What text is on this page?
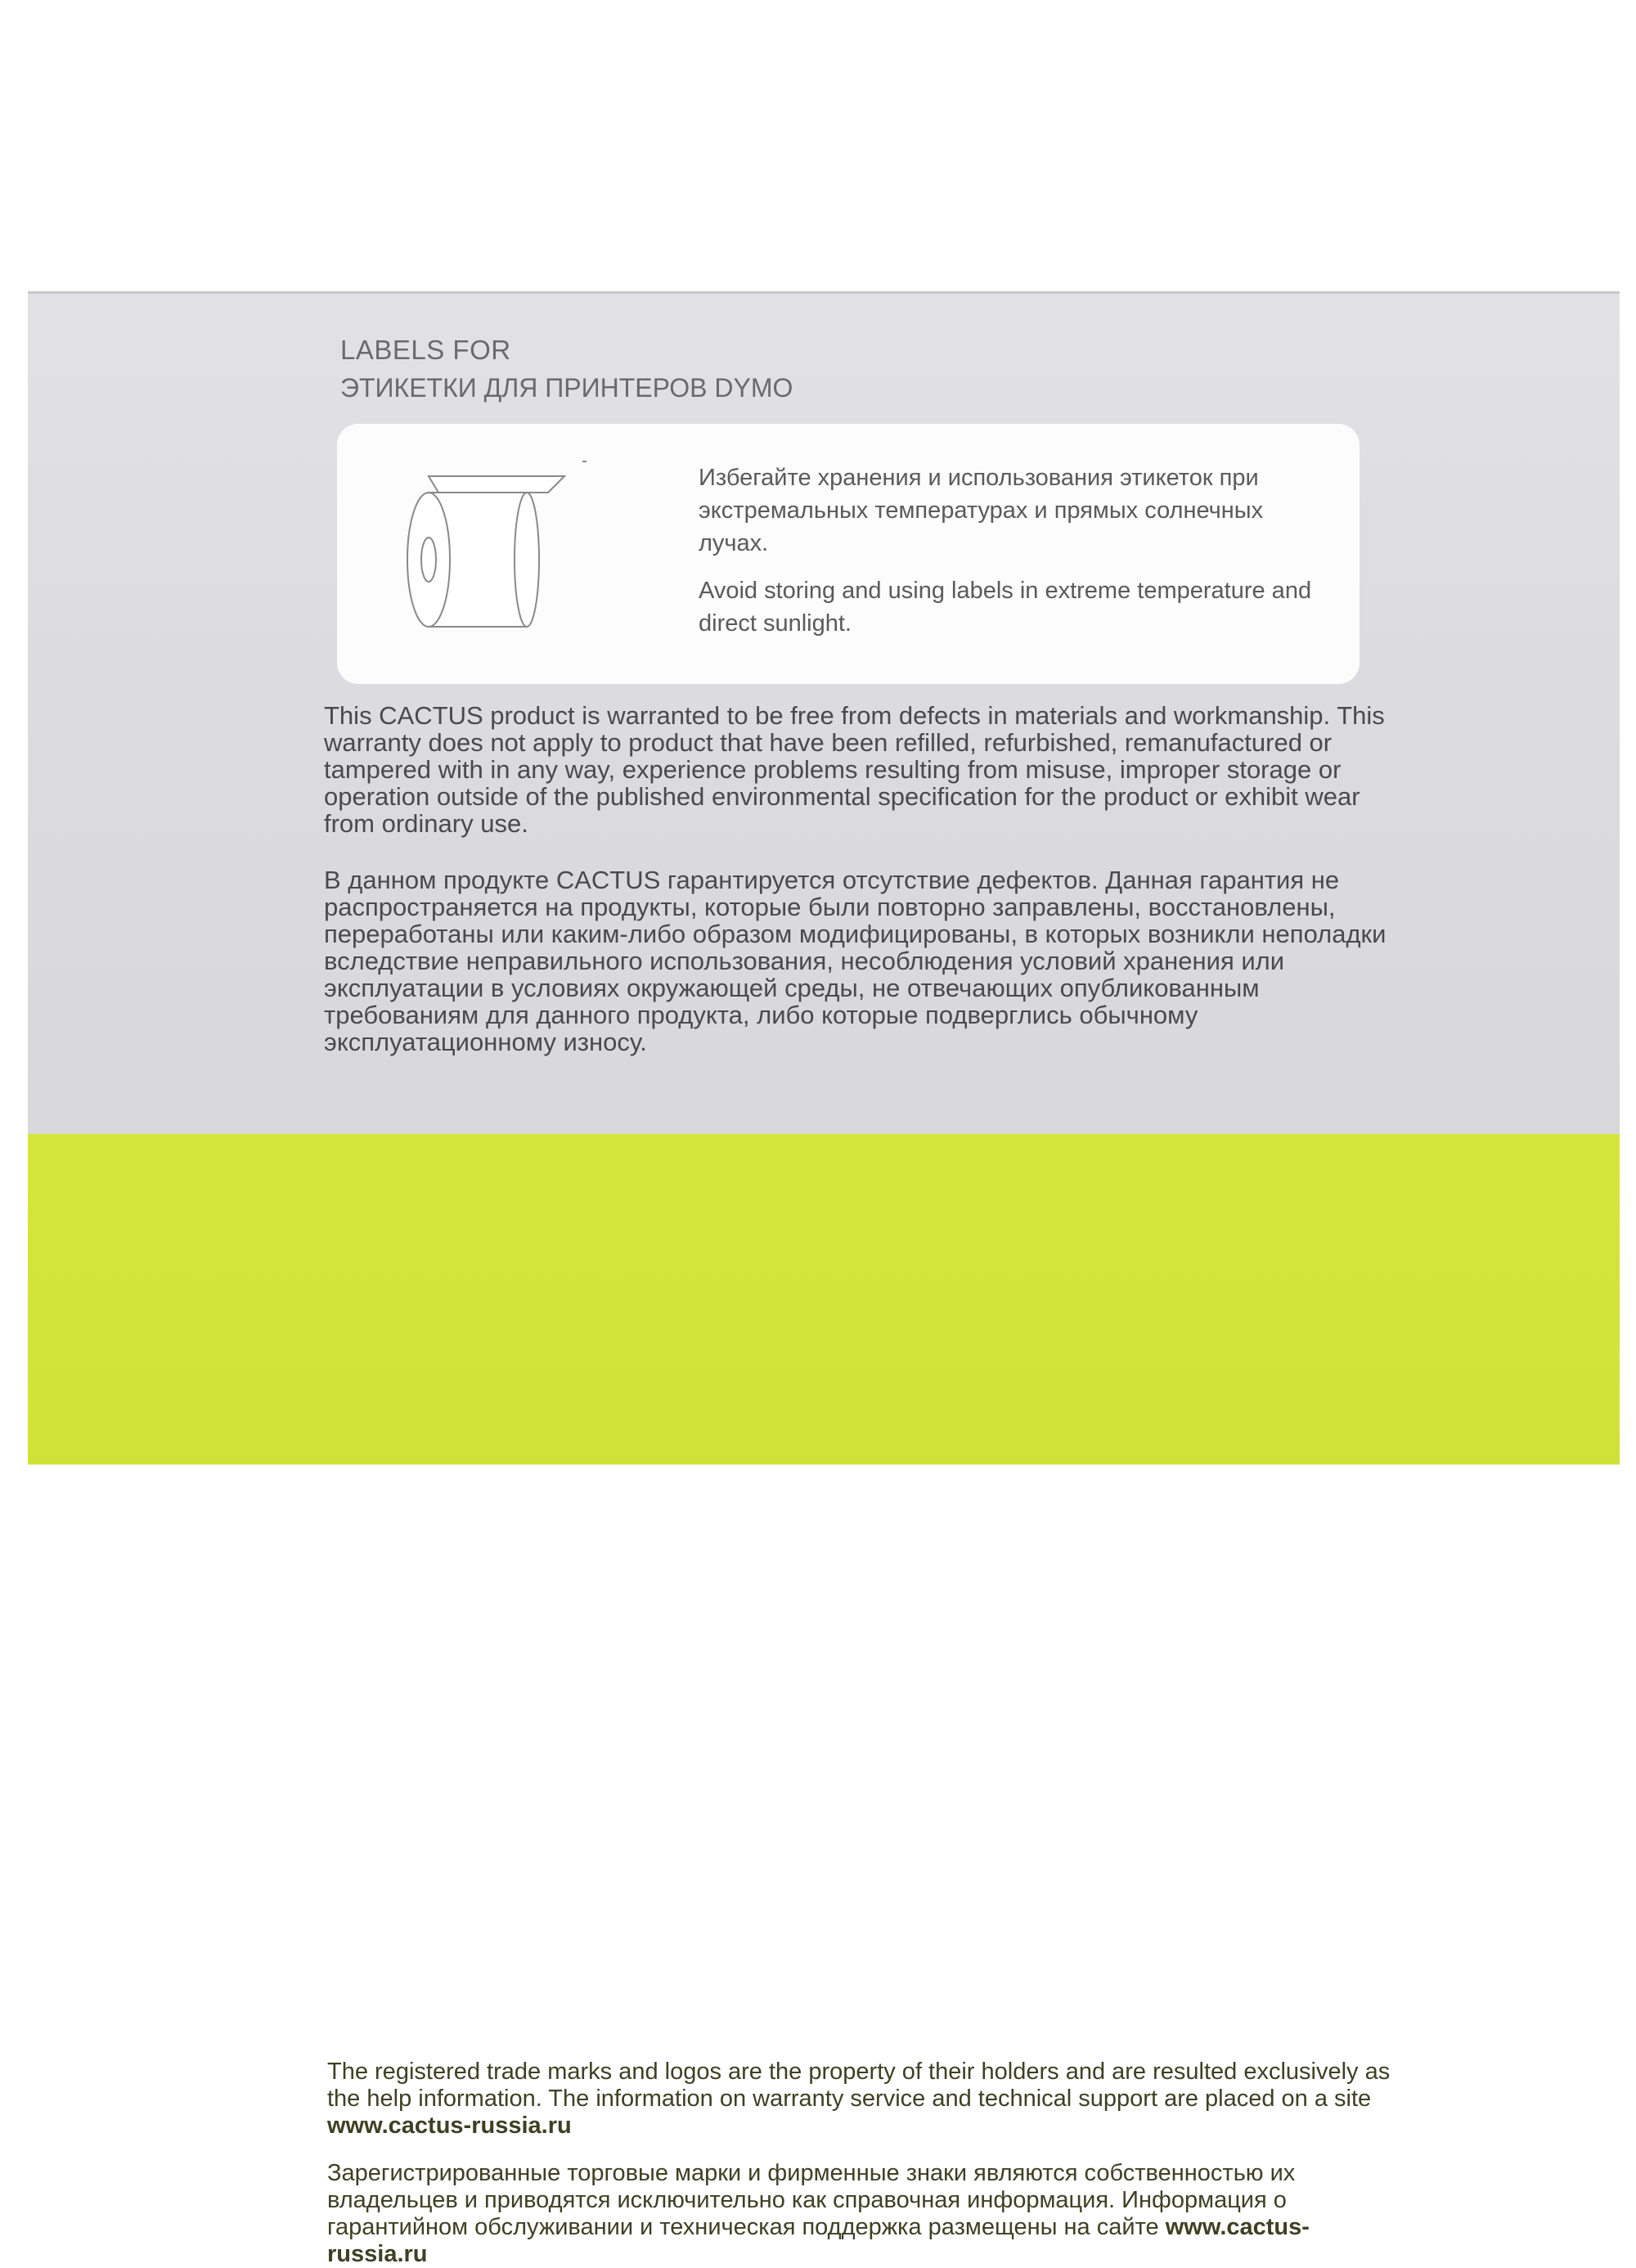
LABELS FOR
ЭТИКЕТКИ ДЛЯ ПРИНТЕРОВ DYMO

Избегайте хранения и использования этикеток при экстремальных температурах и прямых солнечных лучах.

Avoid storing and using labels in extreme temperature and direct sunlight.

This CACTUS product is warranted to be free from defects in materials and workmanship. This warranty does not apply to product that have been refilled, refurbished, remanufactured or tampered with in any way, experience problems resulting from misuse, improper storage or operation outside of the published environmental specification for the product or exhibit wear from ordinary use.

В данном продукте CACTUS гарантируется отсутствие дефектов. Данная гарантия не распространяется на продукты, которые были повторно заправлены, восстановлены, переработаны или каким-либо образом модифицированы, в которых возникли неполадки вследствие неправильного использования, несоблюдения условий хранения или эксплуатации в условиях окружающей среды, не отвечающих опубликованным требованиям для данного продукта, либо которые подверглись обычному эксплуатационному износу.

The registered trade marks and logos are the property of their holders and are resulted exclusively as the help information. The information on warranty service and technical support are placed on a site www.cactus-russia.ru

Зарегистрированные торговые марки и фирменные знаки являются собственностью их владельцев и приводятся исключительно как справочная информация. Информация о гарантийном обслуживании и техническая поддержка размещены на сайте www.cactus-russia.ru
